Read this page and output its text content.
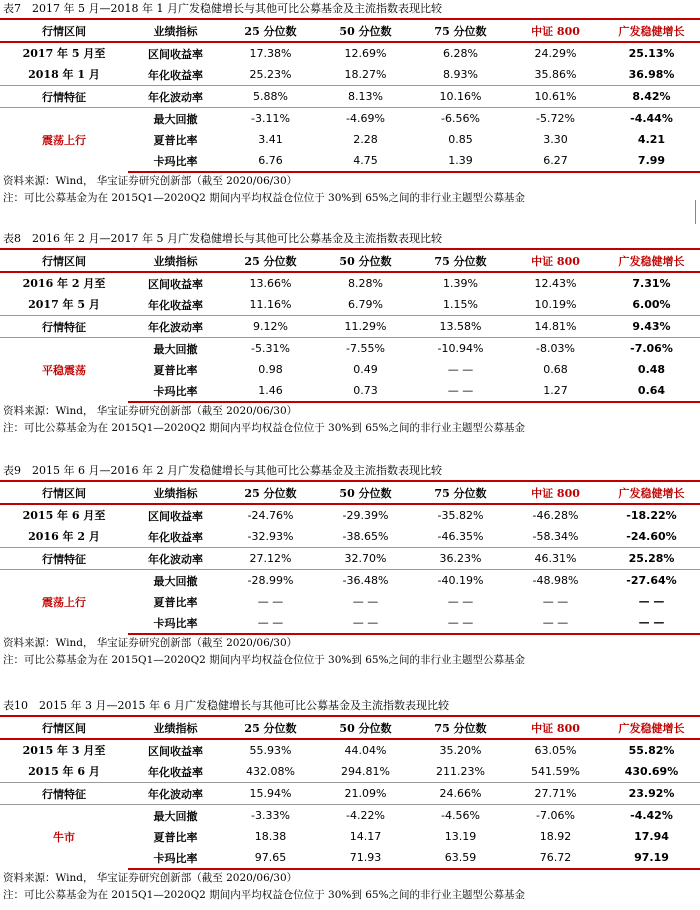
表7　2017 年 5 月—2018 年 1 月广发稳健增长与其他可比公募基金及主流指数表现比较
行情区间	业绩指标	25 分位数	50 分位数	75 分位数	中证 800	广发稳健增长

2017 年 5 月至
2018 年 1 月	区间收益率	17.38%	12.69%	6.28%	24.29%	25.13%
	年化收益率	25.23%	18.27%	8.93%	35.86%	36.98%
行情特征	年化波动率	5.88%	8.13%	10.16%	10.61%	8.42%
震荡上行	最大回撤	-3.11%	-4.69%	-6.56%	-5.72%	-4.44%
	夏普比率	3.41	2.28	0.85	3.30	4.21
	卡玛比率	6.76	4.75	1.39	6.27	7.99
资料来源：Wind， 华宝证券研究创新部（截至 2020/06/30）
注：可比公募基金为在 2015Q1—2020Q2 期间内平均权益仓位位于 30%到 65%之间的非行业主题型公募基金
表8　2016 年 2 月—2017 年 5 月广发稳健增长与其他可比公募基金及主流指数表现比较
行情区间	业绩指标	25 分位数	50 分位数	75 分位数	中证 800	广发稳健增长

2016 年 2 月至
2017 年 5 月	区间收益率	13.66%	8.28%	1.39%	12.43%	7.31%
	年化收益率	11.16%	6.79%	1.15%	10.19%	6.00%
行情特征	年化波动率	9.12%	11.29%	13.58%	14.81%	9.43%
平稳震荡	最大回撤	-5.31%	-7.55%	-10.94%	-8.03%	-7.06%
	夏普比率	0.98	0.49	— —	0.68	0.48
	卡玛比率	1.46	0.73	— —	1.27	0.64
资料来源：Wind， 华宝证券研究创新部（截至 2020/06/30）
注：可比公募基金为在 2015Q1—2020Q2 期间内平均权益仓位位于 30%到 65%之间的非行业主题型公募基金
表9　2015 年 6 月—2016 年 2 月广发稳健增长与其他可比公募基金及主流指数表现比较
行情区间	业绩指标	25 分位数	50 分位数	75 分位数	中证 800	广发稳健增长

2015 年 6 月至
2016 年 2 月	区间收益率	-24.76%	-29.39%	-35.82%	-46.28%	-18.22%
	年化收益率	-32.93%	-38.65%	-46.35%	-58.34%	-24.60%
行情特征	年化波动率	27.12%	32.70%	36.23%	46.31%	25.28%
震荡上行	最大回撤	-28.99%	-36.48%	-40.19%	-48.98%	-27.64%
	夏普比率	— —	— —	— —	— —	— —
	卡玛比率	— —	— —	— —	— —	— —
资料来源：Wind， 华宝证券研究创新部（截至 2020/06/30）
注：可比公募基金为在 2015Q1—2020Q2 期间内平均权益仓位位于 30%到 65%之间的非行业主题型公募基金
表10　2015 年 3 月—2015 年 6 月广发稳健增长与其他可比公募基金及主流指数表现比较
行情区间	业绩指标	25 分位数	50 分位数	75 分位数	中证 800	广发稳健增长

2015 年 3 月至
2015 年 6 月	区间收益率	55.93%	44.04%	35.20%	63.05%	55.82%
	年化收益率	432.08%	294.81%	211.23%	541.59%	430.69%
行情特征	年化波动率	15.94%	21.09%	24.66%	27.71%	23.92%
牛市	最大回撤	-3.33%	-4.22%	-4.56%	-7.06%	-4.42%
	夏普比率	18.38	14.17	13.19	18.92	17.94
	卡玛比率	97.65	71.93	63.59	76.72	97.19
资料来源：Wind， 华宝证券研究创新部（截至 2020/06/30）
注：可比公募基金为在 2015Q1—2020Q2 期间内平均权益仓位位于 30%到 65%之间的非行业主题型公募基金
